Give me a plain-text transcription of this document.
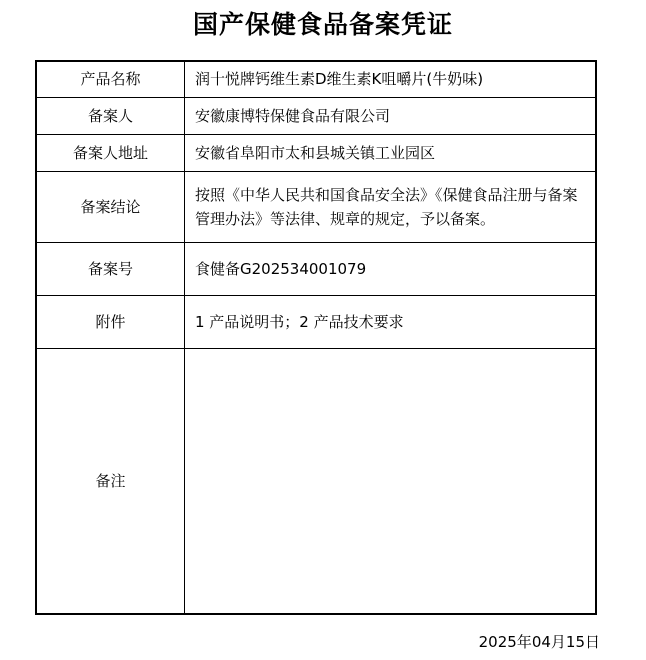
国产保健食品备案凭证
产品名称	润十悦牌钙维生素D维生素K咀嚼片(牛奶味)
备案人	安徽康博特保健食品有限公司
备案人地址	安徽省阜阳市太和县城关镇工业园区
备案结论	按照《中华人民共和国食品安全法》《保健食品注册与备案管理办法》等法律、规章的规定，予以备案。
备案号	食健备G202534001079
附件	1 产品说明书；2 产品技术要求
备注	
2025年04月15日
